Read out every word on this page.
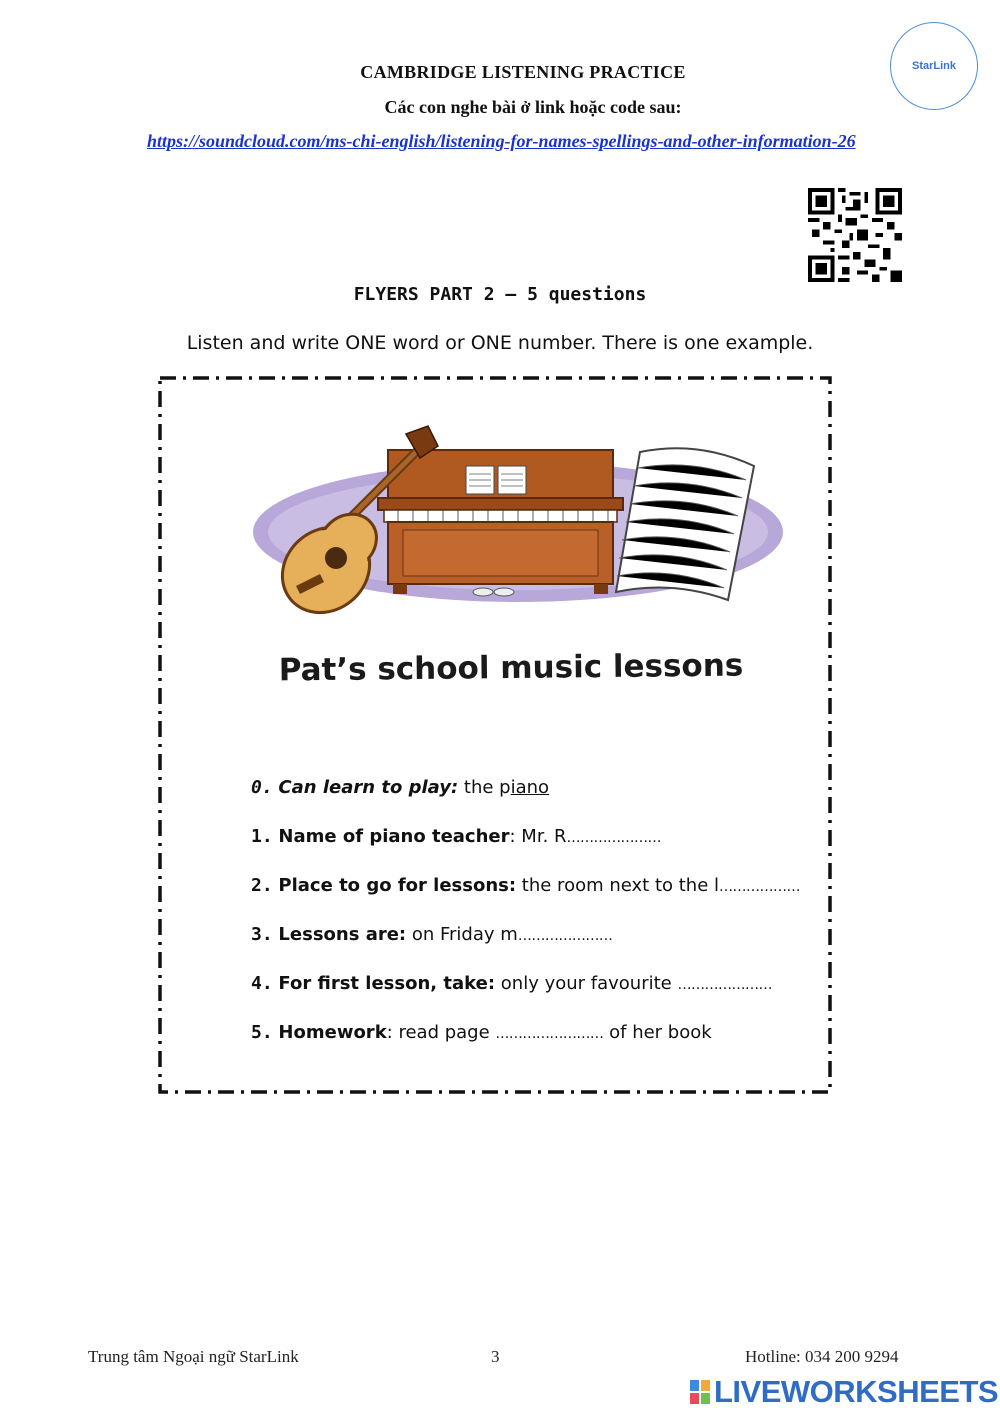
CAMBRIDGE LISTENING PRACTICE
Các con nghe bài ở link hoặc code sau:
https://soundcloud.com/ms-chi-english/listening-for-names-spellings-and-other-information-26
StarLink
FLYERS PART 2 – 5 questions
Listen and write ONE word or ONE number. There is one example.
Pat’s school music lessons
0. Can learn to play: the piano
1. Name of piano teacher: Mr. R…………………
2. Place to go for lessons: the room next to the l………………
3. Lessons are: on Friday m…………………
4. For first lesson, take: only your favourite …………………
5. Homework: read page …………………… of her book
Trung tâm Ngoại ngữ StarLink	3	Hotline: 034 200 9294
LIVEWORKSHEETS
